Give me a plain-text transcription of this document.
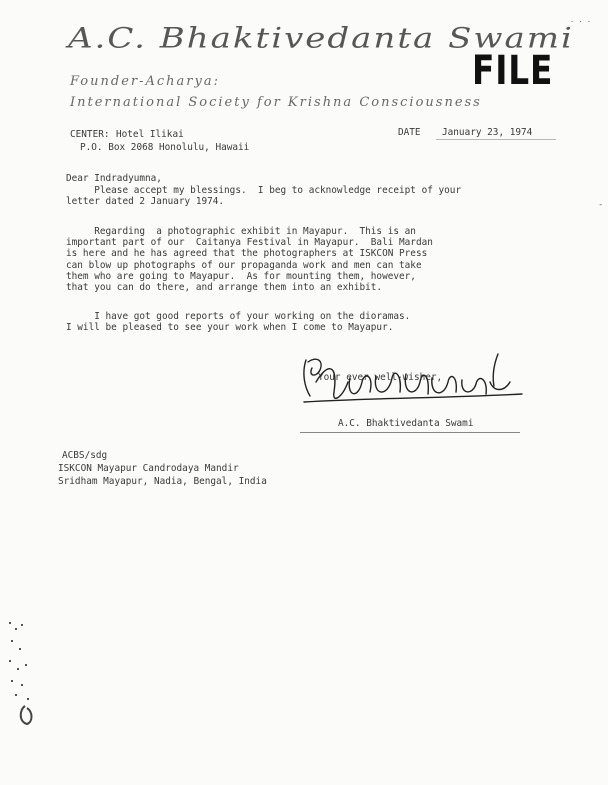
· · ·
A.C. Bhaktivedanta Swami
FILE
Founder-Acharya:
International Society for Krishna Consciousness
CENTER: Hotel Ilikai
P.O. Box 2068 Honolulu, Hawaii
DATE January 23, 1974
Dear Indradyumna,
Please accept my blessings.  I beg to acknowledge receipt of your
letter dated 2 January 1974.
Regarding  a photographic exhibit in Mayapur.  This is an
important part of our  Caitanya Festival in Mayapur.  Bali Mardan
is here and he has agreed that the photographers at ISKCON Press
can blow up photographs of our propaganda work and men can take
them who are going to Mayapur.  As for mounting them, however,
that you can do there, and arrange them into an exhibit.
I have got good reports of your working on the dioramas.
I will be pleased to see your work when I come to Mayapur.
Your ever well-wisher,
A.C. Bhaktivedanta Swami
ACBS/sdg
ISKCON Mayapur Candrodaya Mandir
Sridham Mayapur, Nadia, Bengal, India
-
